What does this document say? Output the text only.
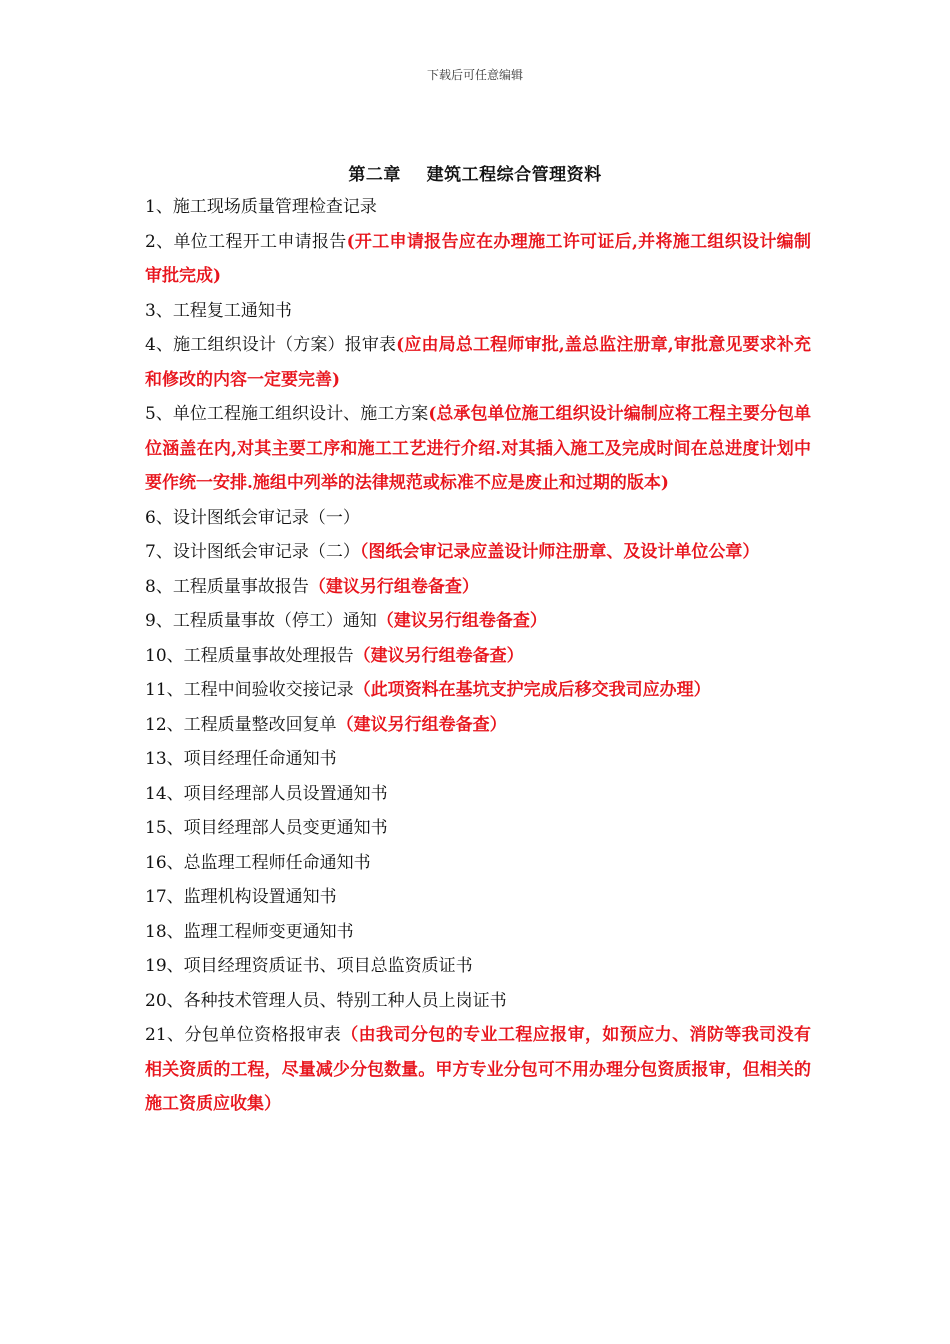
下载后可任意编辑
第二章    建筑工程综合管理资料
1、施工现场质量管理检查记录
2、单位工程开工申请报告(开工申请报告应在办理施工许可证后,并将施工组织设计编制审批完成)
3、工程复工通知书
4、施工组织设计（方案）报审表(应由局总工程师审批,盖总监注册章,审批意见要求补充和修改的内容一定要完善)
5、单位工程施工组织设计、施工方案(总承包单位施工组织设计编制应将工程主要分包单位涵盖在内,对其主要工序和施工工艺进行介绍.对其插入施工及完成时间在总进度计划中要作统一安排.施组中列举的法律规范或标准不应是废止和过期的版本)
6、设计图纸会审记录（一）
7、设计图纸会审记录（二）（图纸会审记录应盖设计师注册章、及设计单位公章）
8、工程质量事故报告（建议另行组卷备查）
9、工程质量事故（停工）通知（建议另行组卷备查）
10、工程质量事故处理报告（建议另行组卷备查）
11、工程中间验收交接记录（此项资料在基坑支护完成后移交我司应办理）
12、工程质量整改回复单（建议另行组卷备查）
13、项目经理任命通知书
14、项目经理部人员设置通知书
15、项目经理部人员变更通知书
16、总监理工程师任命通知书
17、监理机构设置通知书
18、监理工程师变更通知书
19、项目经理资质证书、项目总监资质证书
20、各种技术管理人员、特别工种人员上岗证书
21、分包单位资格报审表（由我司分包的专业工程应报审，如预应力、消防等我司没有相关资质的工程，尽量减少分包数量。甲方专业分包可不用办理分包资质报审，但相关的施工资质应收集）
